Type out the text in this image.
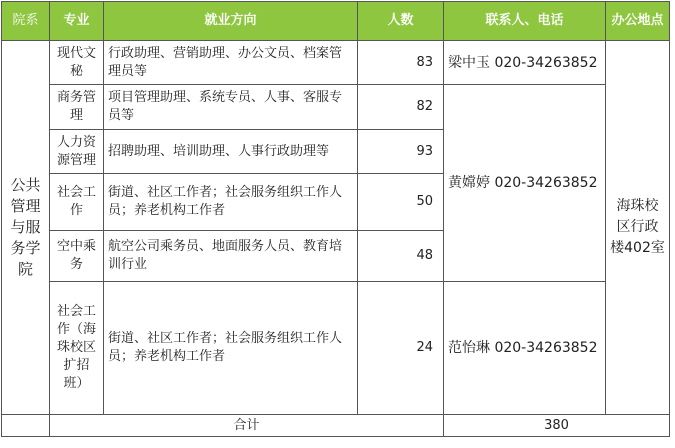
院系	专业	就业方向	人数	联系人、电话	办公地点
公共管理与服务学院	现代文秘	行政助理、营销助理、办公文员、档案管理员等	83	梁中玉 020-34263852	海珠校区行政楼402室
	商务管理	项目管理助理、系统专员、人事、客服专员等	82	黄嫦婷 020-34263852	
	人力资源管理	招聘助理、培训助理、人事行政助理等	93		
	社会工作	街道、社区工作者；社会服务组织工作人员；养老机构工作者	50		
	空中乘务	航空公司乘务员、地面服务人员、教育培训行业	48		
	社会工作（海珠校区扩招班）	街道、社区工作者；社会服务组织工作人员；养老机构工作者	24	范怡琳 020-34263852	
	合计			380	
